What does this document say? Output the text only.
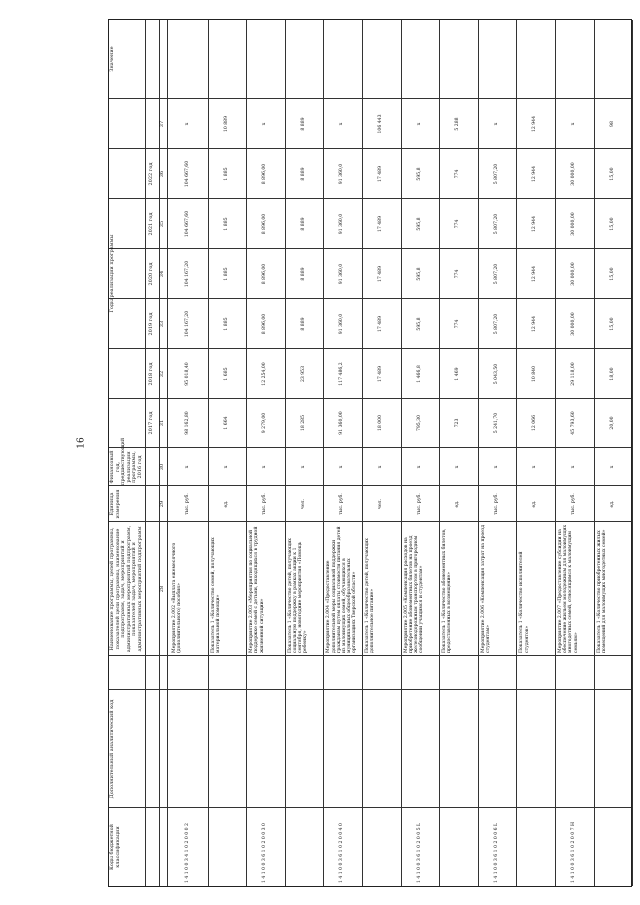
16
Коды бюджетной классификации
Дополнительный аналитический код
Наименование программы, целей программы, показателей цели программы, наименование подпрограмм, задач, мероприятий и административных мероприятий подпрограмм, показателей задач, мероприятий и административных мероприятий подпрограмм
Единица измерения
Финансовый год, предшествующий реализации программы, 2016 год
Годы реализации программы
Значение
2017 год
2018 год
2019 год
2020 год
2021 год
2022 год
28
29
30
31
32
33
34
35
36
37
1 4 1 0 0 3 4 1 0 2 0 0 0 2
Мероприятие 2.002 «Выплата ежемесячного (дополнительного) пособия»
тыс. руб.
x
98 162,80
95 018,40
104 167,20
104 167,20
104 667,60
104 667,60
x
Показатель 1 «Количество семей, получающих материальной помощи»
ед.
x
1 664
1 685
1 885
1 885
1 885
1 885
10 889
1 4 1 0 0 3 6 1 0 2 0 0 3 0
Мероприятие 2.003 «Мероприятия по социальной поддержке семей с детьми, находящихся в трудной жизненной ситуации»
тыс. руб.
x
9 279,00
12 254,00
8 896,00
8 896,00
8 896,00
8 896,00
x
Показатель 1 «Количество детей, получающих социальную поддержку в рамках акции к 1 сентября, новогодние мероприятия «Помощь ребенку»
чел.
x
18 285
23 953
8 889
8 889
8 889
8 889
8 889
1 4 1 0 0 3 6 1 0 2 0 0 4 0
Мероприятие 2.004 «Предоставление дополнительной меры социальной поддержки гражданам путем оплаты стоимости питания детей из малоимущих семей, обучающихся в муниципальных общеобразовательных организациях Тверской области»
тыс. руб.
x
91 360,00
117 486,2
91 360,0
91 360,0
91 360,0
91 360,0
x
Показатель 1 «Количество детей, получающих дополнительное питание»
чел.
x
18 000
17 489
17 489
17 489
17 489
17 489
106 443
1 4 1 0 0 3 6 1 0 2 0 0 5 L
Мероприятие 2.005 «Компенсация расходов на приобретение абонементных билетов на проезд железнодорожным транспортом в пригородном сообщении учащимся и студентам»
тыс. руб.
x
795,30
1 466,8
595,8
595,8
595,8
595,8
x
Показатель 1 «Количество абонементных билетов, предоставленных в возмещение»
ед.
x
723
1 469
774
774
774
774
5 288
1 4 1 0 0 3 6 1 0 2 0 0 6 L
Мероприятие 2.006 «Компенсация затрат на проезд студентам»
тыс. руб.
x
5 241,70
5 043,50
5 807,20
5 807,20
5 807,20
5 807,20
x
Показатель 1 «Количество исполнителей студентов»
ед.
x
12 066
10 840
12 944
12 944
12 944
12 944
12 944
1 4 1 0 0 3 6 1 0 2 0 0 7 Н
Мероприятие 2.007 «Предоставление субсидии на обеспечение жильем молодежным для малоимущих многодетных семей, относящимся к малоимущим семьям»
тыс. руб.
x
45 793,60
29 118,00
30 000,00
30 000,00
30 000,00
30 000,00
x
Показатель 1 «Количество приобретенных жилых помещений для малоимущих многодетных семей»
ед.
x
20,00
18,00
15,00
15,00
15,00
15,00
98
